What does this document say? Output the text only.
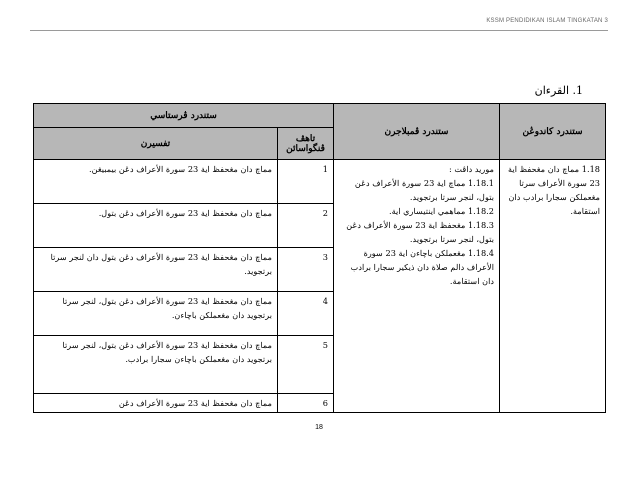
KSSM PENDIDIKAN ISLAM TINGKATAN 3
1. القرءان
ستندرد کاندوڠن	ستندرد ڤمبلاجرن	ستندرد ڤرستاسي	
		تاهڤ ڤنگواسائن	تفسيرن
1.18 مماچ دان مڠحفظ اية 23 سورة الأعراف سرتا مڠعملکن سجارا برادب دان استقامة.	موريد داڤت :
1.18.1 مماچ اية 23 سورة الأعراف دڠن بتول، لنجر سرتا برتجويد.
1.18.2 مماهمي اينتيساري اية.
1.18.3 مڠحفظ اية 23 سورة الأعراف دڠن بتول، لنجر سرتا برتجويد.
1.18.4 مڠعملکن باچاءن اية 23 سورة الأعراف دالم صلاة دان ذيکير سجارا برادب دان استقامة.	1	مماچ دان مڠحفظ اية 23 سورة الأعراف دڠن بيمبيڠن.
		2	مماچ دان مڠحفظ اية 23 سورة الأعراف دڠن بتول.
		3	مماچ دان مڠحفظ اية 23 سورة الأعراف دڠن بتول دان لنجر سرتا برتجويد.
		4	مماچ دان مڠحفظ اية 23 سورة الأعراف دڠن بتول، لنجر سرتا برتجويد دان مڠعملکن باچاءن.
		5	مماچ دان مڠحفظ اية 23 سورة الأعراف دڠن بتول، لنجر سرتا برتجويد دان مڠعملکن باچاءن سجارا برادب.
		6	مماچ دان مڠحفظ اية 23 سورة الأعراف دڠن
18
